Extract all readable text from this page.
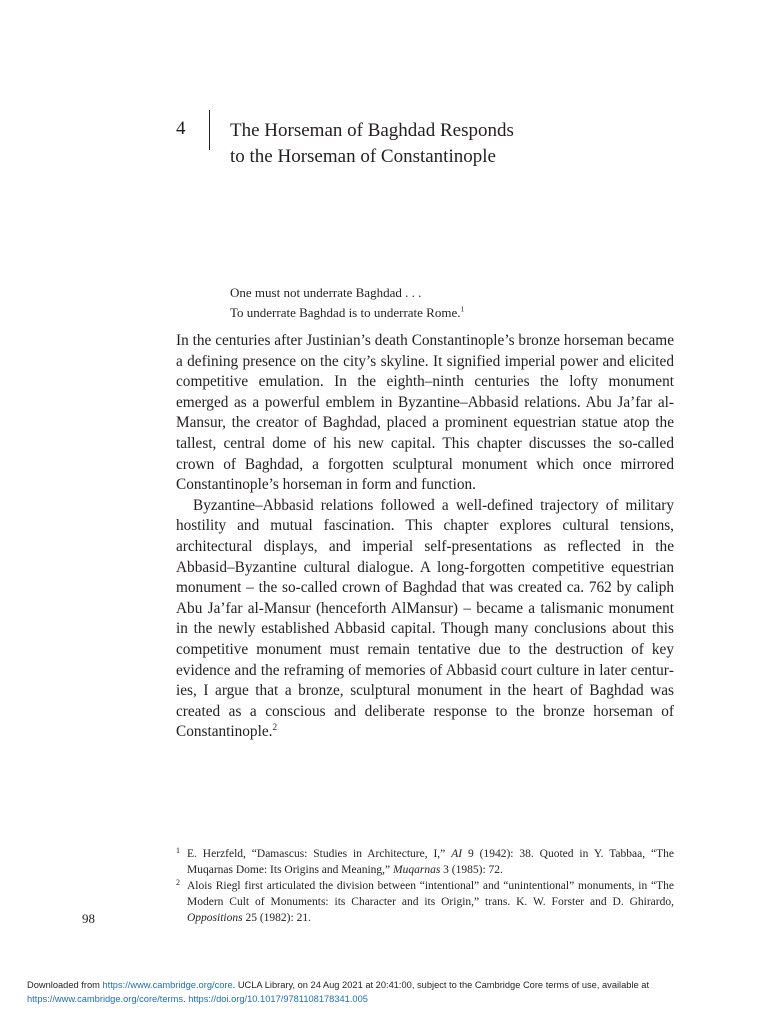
4 The Horseman of Baghdad Responds
to the Horseman of Constantinople
One must not underrate Baghdad . . .
To underrate Baghdad is to underrate Rome.$^1$

In the centuries after Justinian’s death Constantinople’s bronze horseman became a defining presence on the city’s skyline. It signified imperial power and elicited competitive emulation. In the eighth–ninth centuries the lofty monument emerged as a powerful emblem in Byzantine–Abbasid relations. Abu Ja’far al-Mansur, the creator of Baghdad, placed a prominent equestrian statue atop the tallest, central dome of his new capital. This chapter discusses the so-called crown of Baghdad, a forgotten sculptural monument which once mirrored Constantinople’s horseman in form and function.

Byzantine–Abbasid relations followed a well-defined trajectory of military hostility and mutual fascination. This chapter explores cultural tensions, architectural displays, and imperial self-presentations as reflected in the Abbasid–Byzantine cultural dialogue. A long-forgotten competitive equestrian monument – the so-called crown of Baghdad that was created ca. 762 by caliph Abu Ja’far al-Mansur (henceforth AlMansur) – became a talismanic monument in the newly established Abbasid capital. Though many conclusions about this competitive monument must remain tentative due to the destruction of key evidence and the reframing of memories of Abbasid court culture in later centuries, I argue that a bronze, sculptural monument in the heart of Baghdad was created as a conscious and deliberate response to the bronze horseman of Constantinople.$^2$

1 E. Herzfeld, “Damascus: Studies in Architecture, I,” AI 9 (1942): 38. Quoted in Y. Tabbaa, “The Muqarnas Dome: Its Origins and Meaning,” Muqarnas 3 (1985): 72.

2 Alois Riegl first articulated the division between “intentional” and “unintentional” monuments, in “The Modern Cult of Monuments: its Character and its Origin,” trans. K. W. Forster and D. Ghirardo, Oppositions 25 (1982): 21.

98
Downloaded from https://www.cambridge.org/core. UCLA Library, on 24 Aug 2021 at 20:41:00, subject to the Cambridge Core terms of use, available at https://www.cambridge.org/core/terms. https://doi.org/10.1017/9781108178341.005
